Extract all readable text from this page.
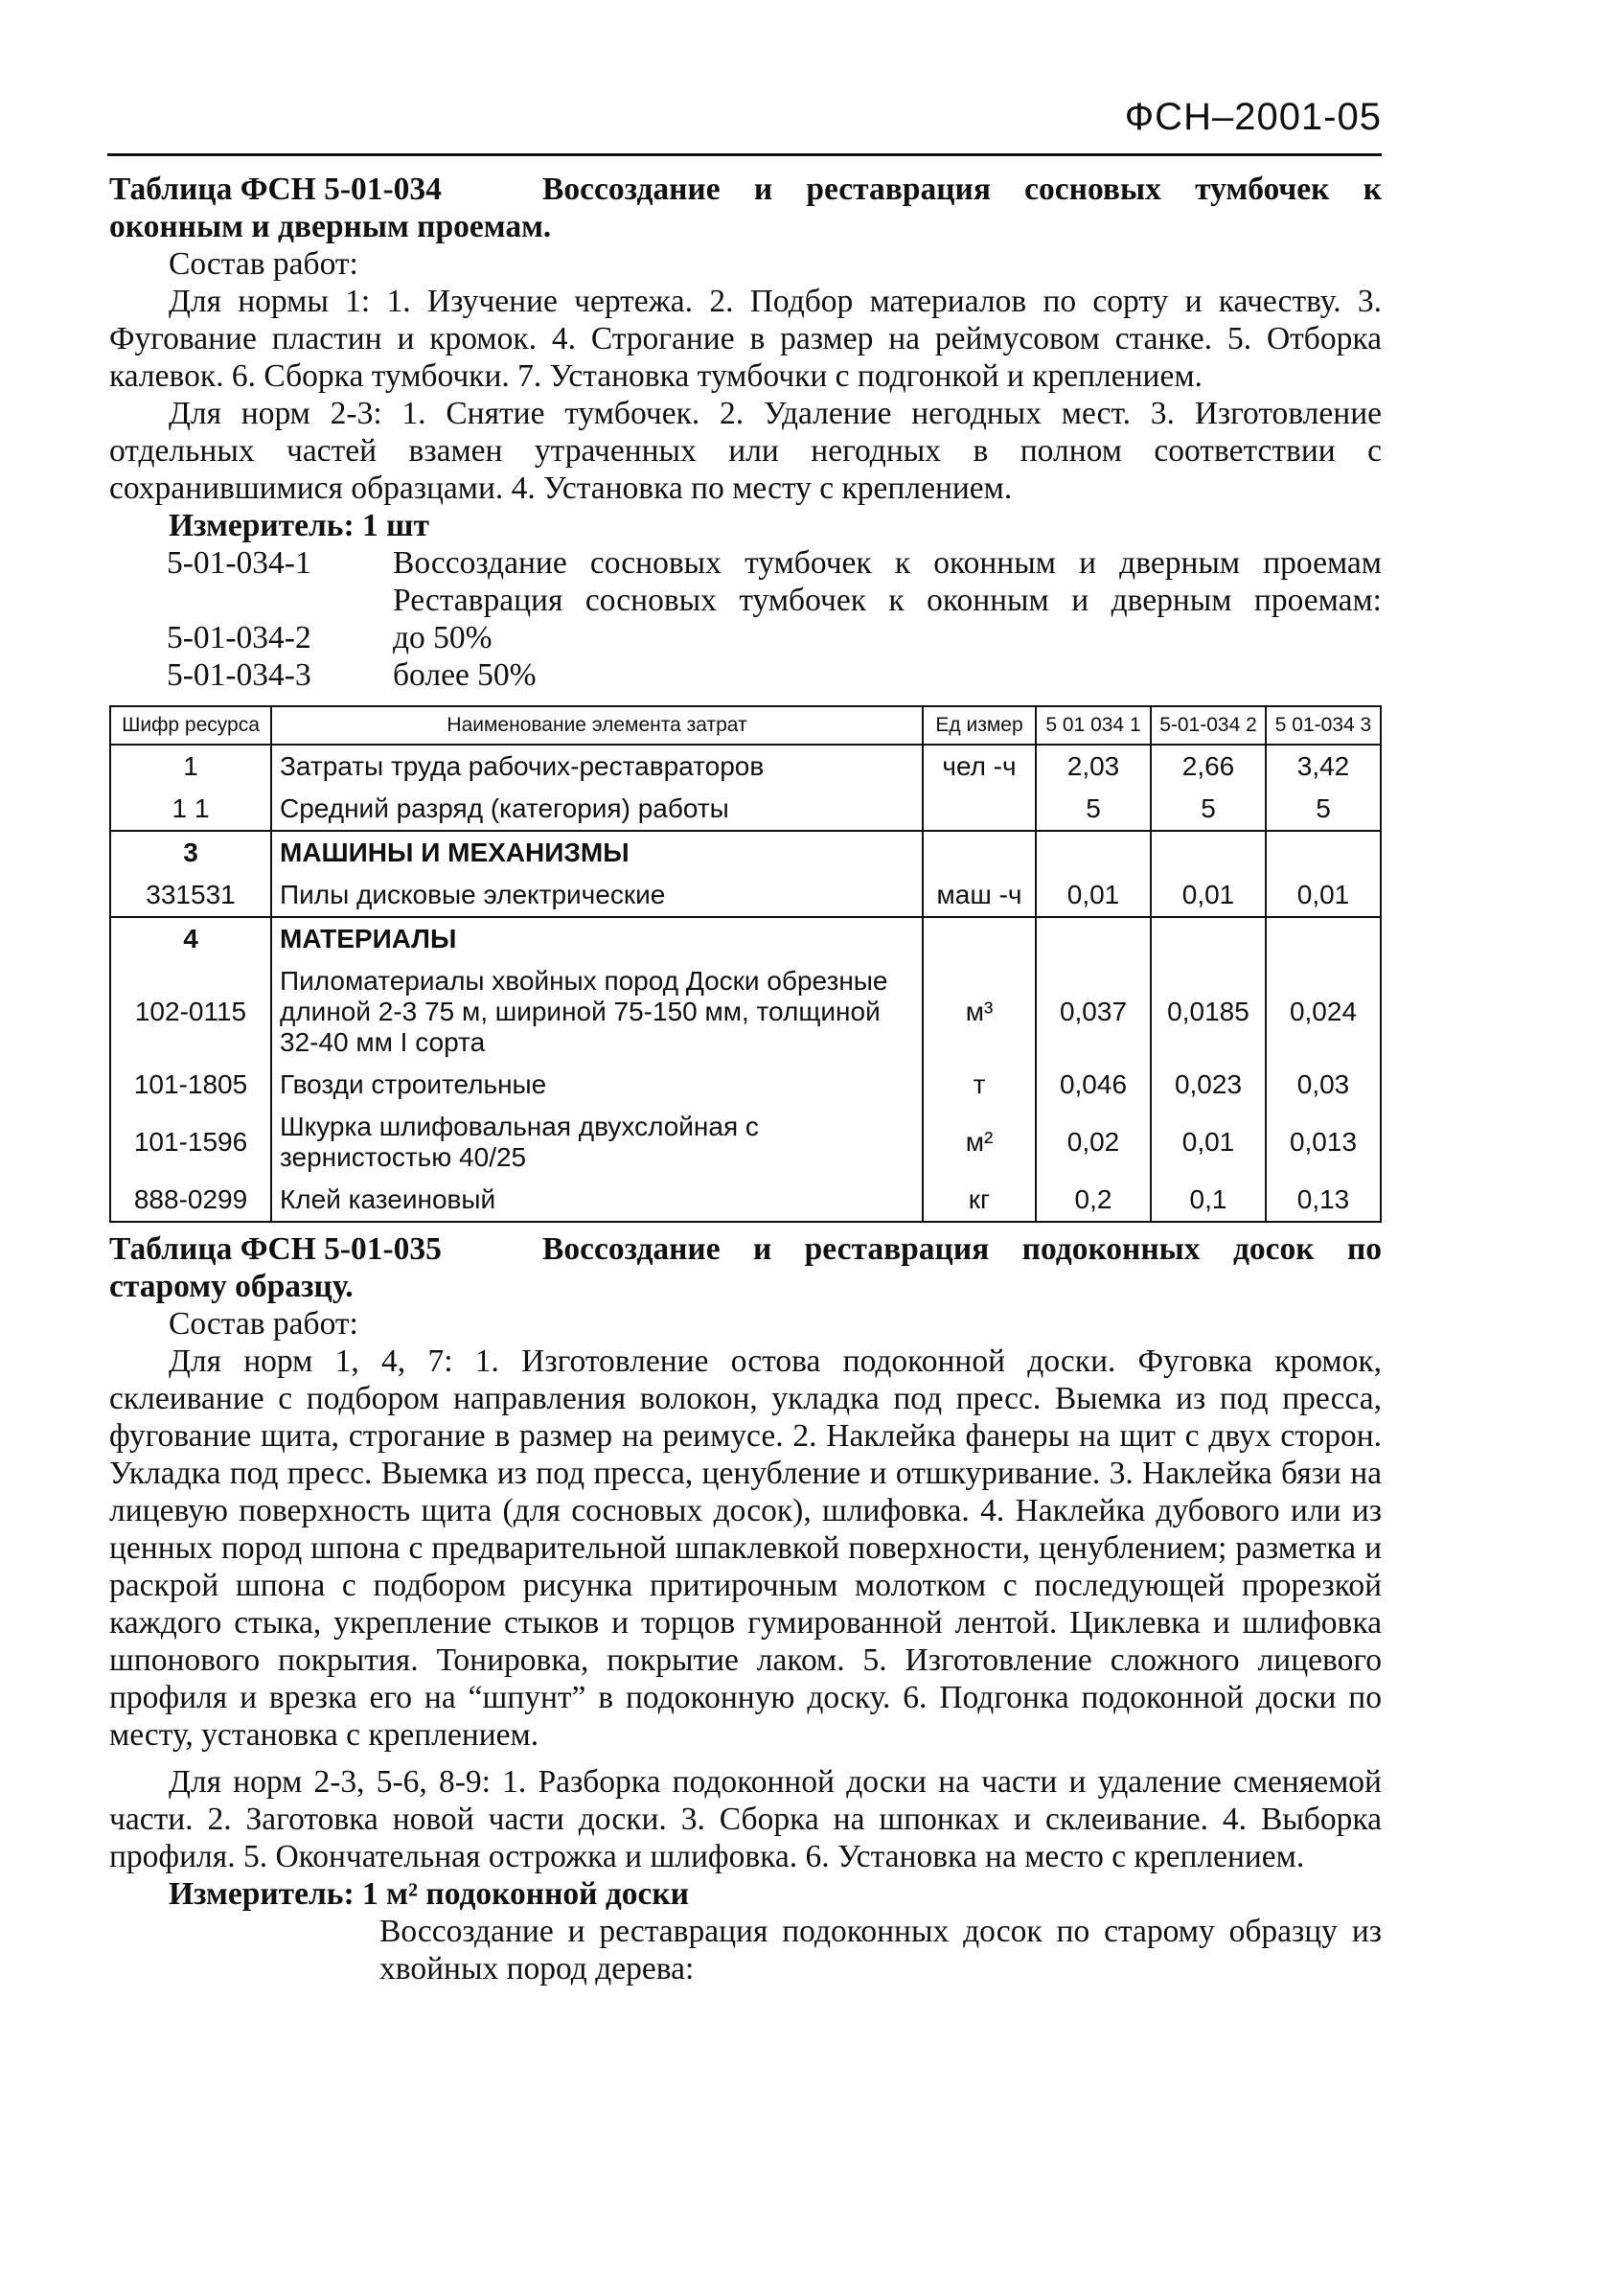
ФСН–2001-05

Таблица ФСН 5-01-034	Воссоздание и реставрация сосновых тумбочек к оконным и дверным проемам.

Состав работ:

Для нормы 1: 1. Изучение чертежа. 2. Подбор материалов по сорту и качеству. 3. Фугование пластин и кромок. 4. Строгание в размер на реймусовом станке. 5. Отборка калевок. 6. Сборка тумбочки. 7. Установка тумбочки с подгонкой и креплением.

Для норм 2-3: 1. Снятие тумбочек. 2. Удаление негодных мест. 3. Изготовление отдельных частей взамен утраченных или негодных в полном соответствии с сохранившимися образцами. 4. Установка по месту с креплением.

Измеритель: 1 шт

5-01-034-1	Воссоздание сосновых тумбочек к оконным и дверным проемам
Реставрация сосновых тумбочек к оконным и дверным проемам:
5-01-034-2	до 50%
5-01-034-3	более 50%
Шифр ресурса	Наименование элемента затрат	Ед измер	5 01 034 1	5-01-034 2	5 01-034 3
1	Затраты труда рабочих-реставраторов	чел -ч	2,03	2,66	3,42
1 1	Средний разряд (категория) работы		5	5	5
3	МАШИНЫ И МЕХАНИЗМЫ				
331531	Пилы дисковые электрические	маш -ч	0,01	0,01	0,01
4	МАТЕРИАЛЫ				
102-0115	Пиломатериалы хвойных пород Доски обрезные длиной 2-3 75 м, шириной 75-150 мм, толщиной 32-40 мм I сорта	м³	0,037	0,0185	0,024
101-1805	Гвозди строительные	т	0,046	0,023	0,03
101-1596	Шкурка шлифовальная двухслойная с зернистостью 40/25	м²	0,02	0,01	0,013
888-0299	Клей казеиновый	кг	0,2	0,1	0,13

Таблица ФСН 5-01-035	Воссоздание и реставрация подоконных досок по старому образцу.

Состав работ:

Для норм 1, 4, 7: 1. Изготовление остова подоконной доски. Фуговка кромок, склеивание с подбором направления волокон, укладка под пресс. Выемка из под пресса, фугование щита, строгание в размер на реимусе. 2. Наклейка фанеры на щит с двух сторон. Укладка под пресс. Выемка из под пресса, ценубление и отшкуривание. 3. Наклейка бязи на лицевую поверхность щита (для сосновых досок), шлифовка. 4. Наклейка дубового или из ценных пород шпона с предварительной шпаклевкой поверхности, ценублением; разметка и раскрой шпона с подбором рисунка притирочным молотком с последующей прорезкой каждого стыка, укрепление стыков и торцов гумированной лентой. Циклевка и шлифовка шпонового покрытия. Тонировка, покрытие лаком. 5. Изготовление сложного лицевого профиля и врезка его на “шпунт” в подоконную доску. 6. Подгонка подоконной доски по месту, установка с креплением.

Для норм 2-3, 5-6, 8-9: 1. Разборка подоконной доски на части и удаление сменяемой части. 2. Заготовка новой части доски. 3. Сборка на шпонках и склеивание. 4. Выборка профиля. 5. Окончательная острожка и шлифовка. 6. Установка на место с креплением.

Измеритель: 1 м² подоконной доски

Воссоздание и реставрация подоконных досок по старому образцу из хвойных пород дерева:
